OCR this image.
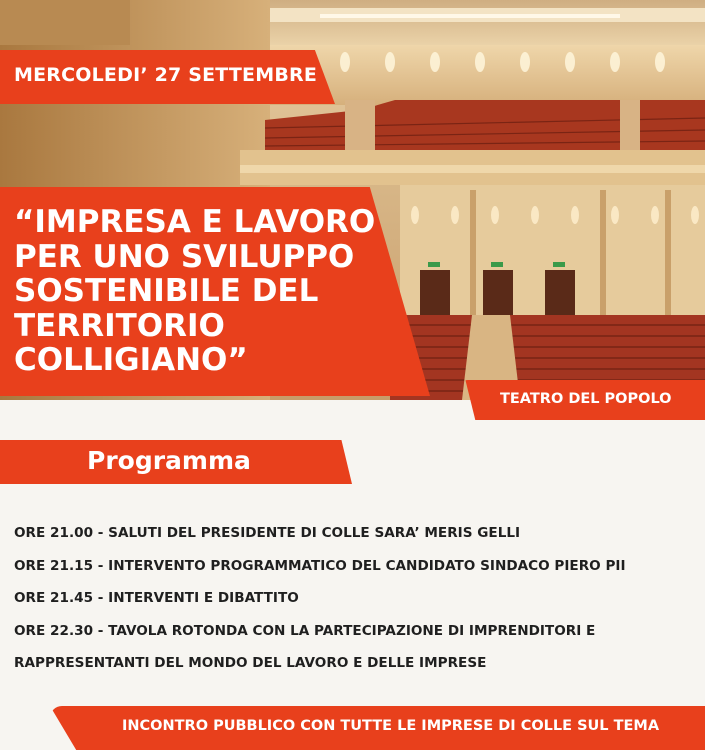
MERCOLEDI’ 27 SETTEMBRE
“IMPRESA E LAVORO PER UNO SVILUPPO SOSTENIBILE DEL TERRITORIO COLLIGIANO”
TEATRO DEL POPOLO
Programma
ORE 21.00 - SALUTI DEL PRESIDENTE DI COLLE SARA’ MERIS GELLI
ORE 21.15 - INTERVENTO PROGRAMMATICO DEL CANDIDATO SINDACO PIERO PII
ORE 21.45 - INTERVENTI E DIBATTITO
ORE 22.30 - TAVOLA ROTONDA CON LA PARTECIPAZIONE DI IMPRENDITORI E
RAPPRESENTANTI DEL MONDO DEL LAVORO E DELLE IMPRESE
INCONTRO PUBBLICO CON TUTTE LE IMPRESE DI COLLE SUL TEMA
